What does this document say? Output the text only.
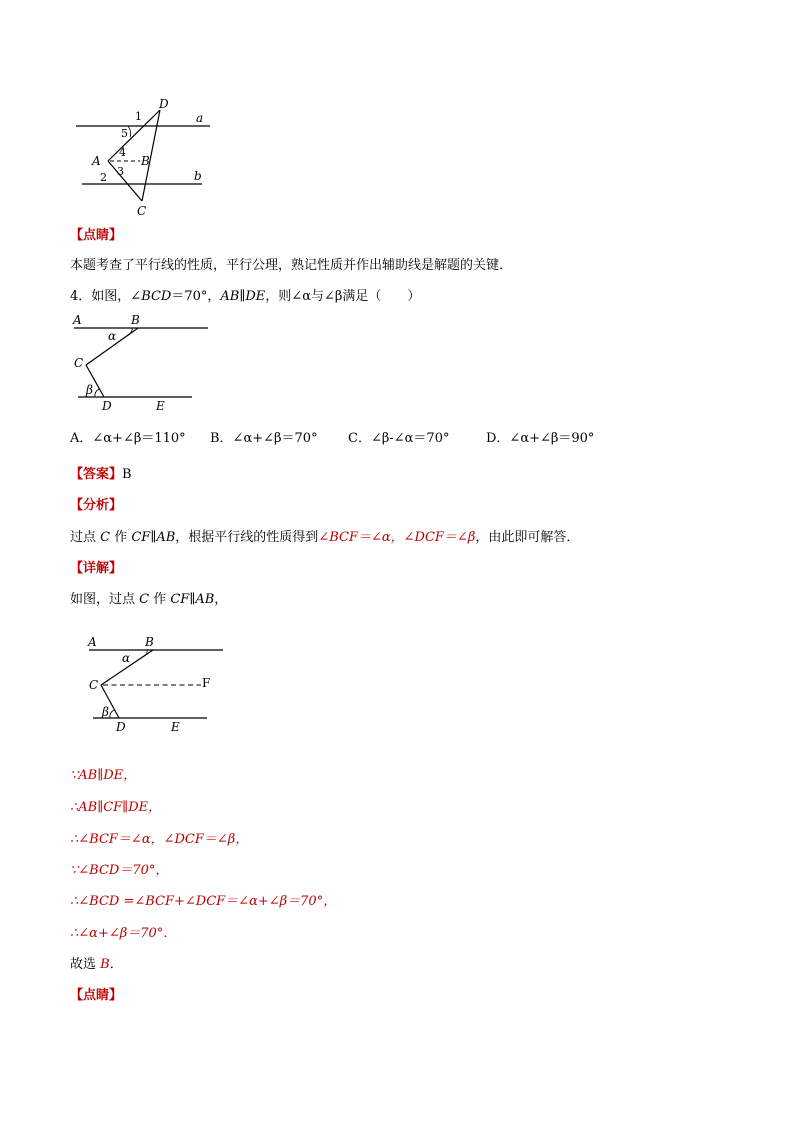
D
a
1
5
4
A	B
2 3	b
C
【点睛】
本题考查了平行线的性质，平行公理，熟记性质并作出辅助线是解题的关键．
4．如图，∠BCD＝70°，AB∥DE，则∠α与∠β满足（　　）
A	B
α
C
β
D	E
A．∠α+∠β＝110° B．∠α+∠β＝70° C．∠β-∠α＝70°	D．∠α+∠β＝90°
【答案】B
【分析】
过点 C 作 CF∥AB，根据平行线的性质得到∠BCF＝∠α，∠DCF＝∠β，由此即可解答．
【详解】
如图，过点 C 作 CF∥AB，
A	B
α
C	F
β
D	E
∵AB∥DE，
∴AB∥CF∥DE，
∴∠BCF＝∠α，∠DCF＝∠β，
∵∠BCD＝70°，
∴∠BCD =∠BCF+∠DCF＝∠α+∠β＝70°，
∴∠α+∠β＝70°．
故选 B．
【点睛】
